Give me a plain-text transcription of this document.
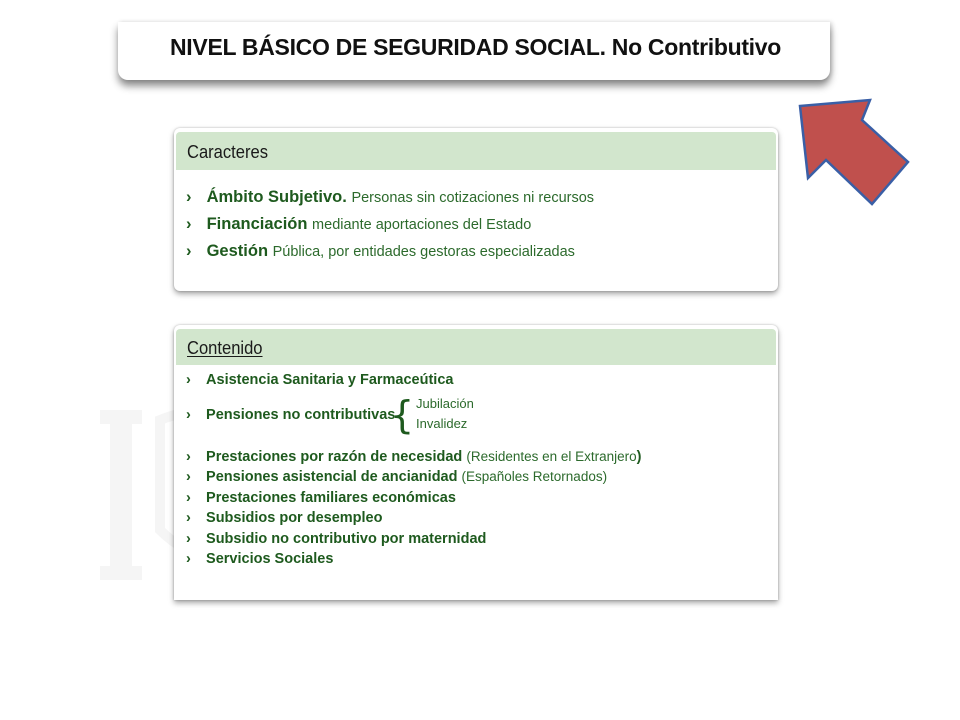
NIVEL BÁSICO DE SEGURIDAD SOCIAL. No Contributivo
Caracteres
› Ámbito Subjetivo. Personas sin cotizaciones ni recursos
› Financiación mediante aportaciones del Estado
› Gestión Pública, por entidades gestoras especializadas
Contenido
› Asistencia Sanitaria y Farmaceútica
› Pensiones no contributivas
{ Jubilación
Invalidez
› Prestaciones por razón de necesidad (Residentes en el Extranjero)
› Pensiones asistencial de ancianidad (Españoles Retornados)
› Prestaciones familiares económicas
› Subsidios por desempleo
› Subsidio no contributivo por maternidad
› Servicios Sociales
